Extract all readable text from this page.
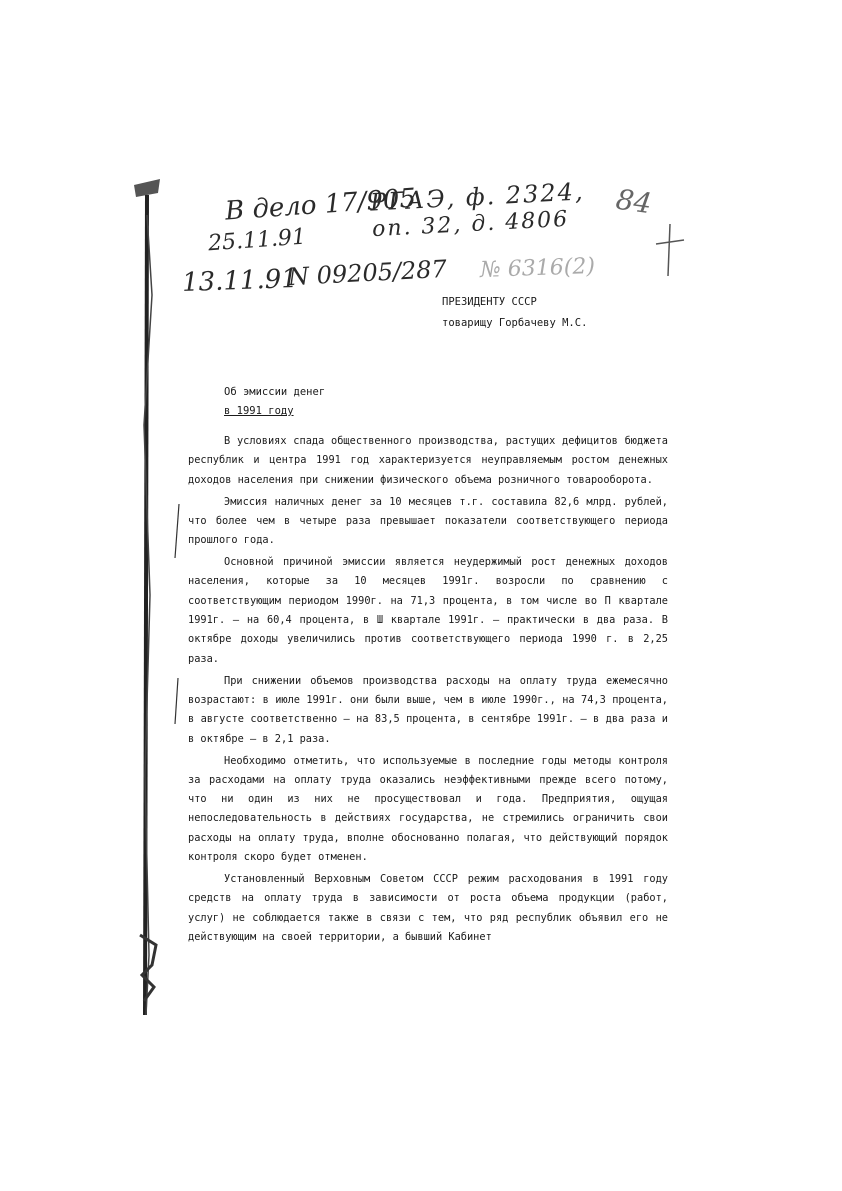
В дело 17/905
РГАЭ, ф. 2324,
оп. 32, д. 4806
84
25.11.91
13.11.91
N 09205/287 № 6316(2)
ПРЕЗИДЕНТУ СССР
товарищу Горбачеву М.С.
Об эмиссии денег
в 1991 году

В условиях спада общественного производства, растущих дефицитов бюджета республик и центра 1991 год характеризуется неуправляемым ростом денежных доходов населения при снижении физического объема розничного товарооборота.

Эмиссия наличных денег за 10 месяцев т.г. составила 82,6 млрд. рублей, что более чем в четыре раза превышает показатели соответствующего периода прошлого года.

Основной причиной эмиссии является неудержимый рост денежных доходов населения, которые за 10 месяцев 1991г. возросли по сравнению с соответствующим периодом 1990г. на 71,3 процента, в том числе во П квартале 1991г. – на 60,4 процента, в Ш квартале 1991г. – практически в два раза. В октябре доходы увеличились против соответствующего периода 1990 г. в 2,25 раза.

При снижении объемов производства расходы на оплату труда ежемесячно возрастают: в июле 1991г. они были выше, чем в июле 1990г., на 74,3 процента, в августе соответственно – на 83,5 процента, в сентябре 1991г. – в два раза и в октябре – в 2,1 раза.

Необходимо отметить, что используемые в последние годы методы контроля за расходами на оплату труда оказались неэффективными прежде всего потому, что ни один из них не просуществовал и года. Предприятия, ощущая непоследовательность в действиях государства, не стремились ограничить свои расходы на оплату труда, вполне обоснованно полагая, что действующий порядок контроля скоро будет отменен.

Установленный Верховным Советом СССР режим расходования в 1991 году средств на оплату труда в зависимости от роста объема продукции (работ, услуг) не соблюдается также в связи с тем, что ряд республик объявил его не действующим на своей территории, а бывший Кабинет
